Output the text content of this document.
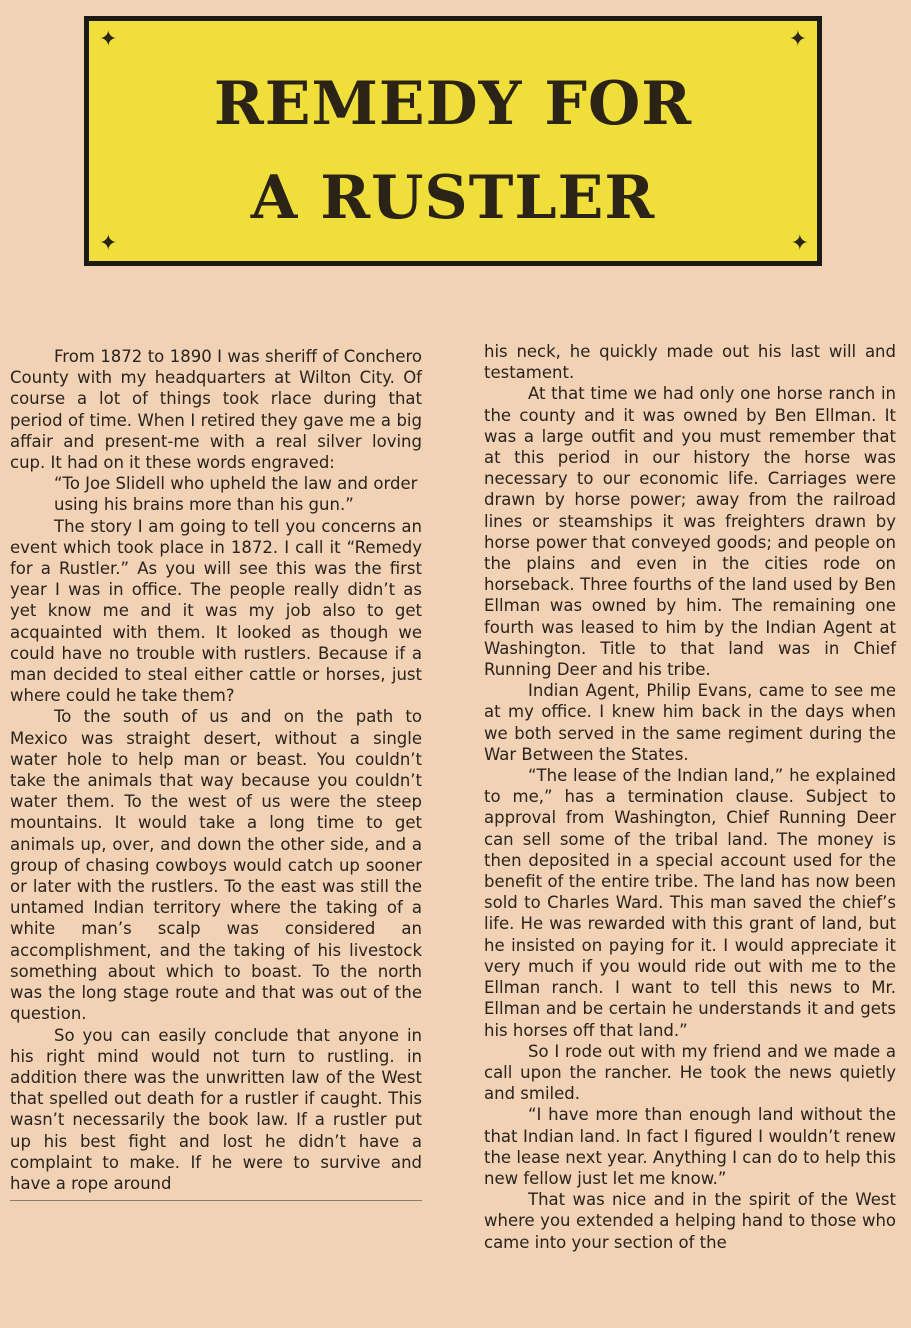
✦	✦
✦	✦
REMEDY FOR
A RUSTLER

From 1872 to 1890 I was sheriff of Conchero County with my headquarters at Wilton City. Of course a lot of things took rlace during that period of time. When I retired they gave me a big affair and present-me with a real silver loving cup. It had on it these words engraved:

“To Joe Slidell who upheld the law and order using his brains more than his gun.”

The story I am going to tell you concerns an event which took place in 1872. I call it “Remedy for a Rustler.” As you will see this was the first year I was in office. The people really didn’t as yet know me and it was my job also to get acquainted with them. It looked as though we could have no trouble with rustlers. Because if a man decided to steal either cattle or horses, just where could he take them?

To the south of us and on the path to Mexico was straight desert, without a single water hole to help man or beast. You couldn’t take the animals that way because you couldn’t water them. To the west of us were the steep mountains. It would take a long time to get animals up, over, and down the other side, and a group of chasing cowboys would catch up sooner or later with the rustlers. To the east was still the untamed Indian territory where the taking of a white man’s scalp was considered an accomplishment, and the taking of his livestock something about which to boast. To the north was the long stage route and that was out of the question.

So you can easily conclude that anyone in his right mind would not turn to rustling. in addition there was the unwritten law of the West that spelled out death for a rustler if caught. This wasn’t necessarily the book law. If a rustler put up his best fight and lost he didn’t have a complaint to make. If he were to survive and have a rope around

his neck, he quickly made out his last will and testament.

At that time we had only one horse ranch in the county and it was owned by Ben Ellman. It was a large outfit and you must remember that at this period in our history the horse was necessary to our economic life. Carriages were drawn by horse power; away from the railroad lines or steamships it was freighters drawn by horse power that conveyed goods; and people on the plains and even in the cities rode on horseback. Three fourths of the land used by Ben Ellman was owned by him. The remaining one fourth was leased to him by the Indian Agent at Washington. Title to that land was in Chief Running Deer and his tribe.

Indian Agent, Philip Evans, came to see me at my office. I knew him back in the days when we both served in the same regiment during the War Between the States.

“The lease of the Indian land,” he explained to me,” has a termination clause. Subject to approval from Washington, Chief Running Deer can sell some of the tribal land. The money is then deposited in a special account used for the benefit of the entire tribe. The land has now been sold to Charles Ward. This man saved the chief’s life. He was rewarded with this grant of land, but he insisted on paying for it. I would appreciate it very much if you would ride out with me to the Ellman ranch. I want to tell this news to Mr. Ellman and be certain he understands it and gets his horses off that land.”

So I rode out with my friend and we made a call upon the rancher. He took the news quietly and smiled.

“I have more than enough land without the that Indian land. In fact I figured I wouldn’t renew the lease next year. Anything I can do to help this new fellow just let me know.”

That was nice and in the spirit of the West where you extended a helping hand to those who came into your section of the
